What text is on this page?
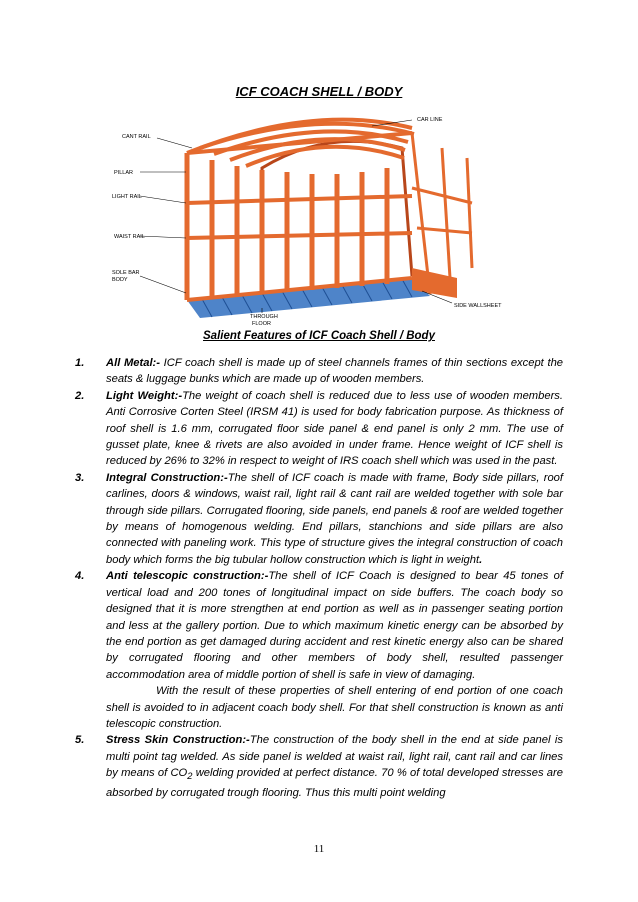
ICF COACH SHELL / BODY
CANT RAIL
PILLAR
LIGHT RAIL
WAIST RAIL
SOLE BAR
BODY
CAR LINE
SIDE WALLSHEET
THROUGH
FLOOR
Salient Features of ICF Coach Shell / Body
1.	All Metal:- ICF coach shell is made up of steel channels frames of thin sections except the seats & luggage bunks which are made up of wooden members.
2.	Light Weight:-The weight of coach shell is reduced due to less use of wooden members. Anti Corrosive Corten Steel (IRSM 41) is used for body fabrication purpose. As thickness of roof shell is 1.6 mm, corrugated floor side panel & end panel is only 2 mm. The use of gusset plate, knee & rivets are also avoided in under frame. Hence weight of ICF shell is reduced by 26% to 32% in respect to weight of IRS coach shell which was used in the past.
3.	Integral Construction:-The shell of ICF coach is made with frame, Body side pillars, roof carlines, doors & windows, waist rail, light rail & cant rail are welded together with sole bar through side pillars. Corrugated flooring, side panels, end panels & roof are welded together by means of homogenous welding. End pillars, stanchions and side pillars are also connected with paneling work. This type of structure gives the integral construction of coach body which forms the big tubular hollow construction which is light in weight.
4.	Anti telescopic construction:-The shell of ICF Coach is designed to bear 45 tones of vertical load and 200 tones of longitudinal impact on side buffers. The coach body so designed that it is more strengthen at end portion as well as in passenger seating portion and less at the gallery portion. Due to which maximum kinetic energy can be absorbed by the end portion as get damaged during accident and rest kinetic energy also can be shared by corrugated flooring and other members of body shell, resulted passenger accommodation area of middle portion of shell is safe in view of damaging.
With the result of these properties of shell entering of end portion of one coach shell is avoided to in adjacent coach body shell. For that shell construction is known as anti telescopic construction.
5.	Stress Skin Construction:-The construction of the body shell in the end at side panel is multi point tag welded. As side panel is welded at waist rail, light rail, cant rail and car lines by means of $CO_2$ welding provided at perfect distance. 70 % of total developed stresses are absorbed by corrugated trough flooring. Thus this multi point welding
11
